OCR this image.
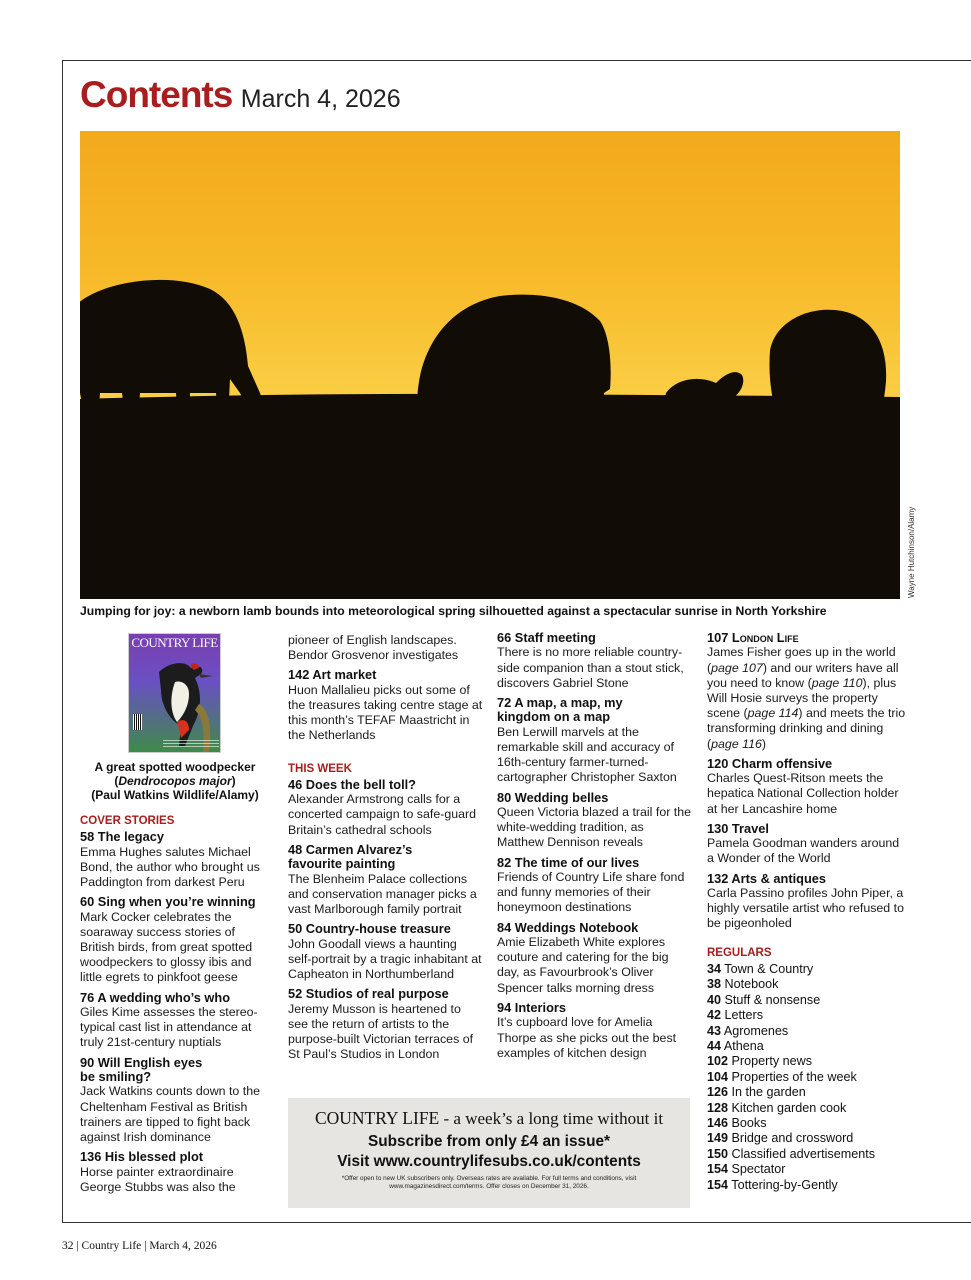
Contents March 4, 2026
Wayne Hutchinson/Alamy
Jumping for joy: a newborn lamb bounds into meteorological spring silhouetted against a spectacular sunrise in North Yorkshire
COUNTRY LIFE
A great spotted woodpecker
(Dendrocopos major)
(Paul Watkins Wildlife/Alamy)
COVER STORIES
58 The legacy
Emma Hughes salutes Michael Bond, the author who brought us Paddington from darkest Peru
60 Sing when you’re winning
Mark Cocker celebrates the soaraway success stories of British birds, from great spotted woodpeckers to glossy ibis and little egrets to pinkfoot geese
76 A wedding who’s who
Giles Kime assesses the stereo-typical cast list in attendance at truly 21st-century nuptials
90 Will English eyes
be smiling?
Jack Watkins counts down to the Cheltenham Festival as British trainers are tipped to fight back against Irish dominance
136 His blessed plot
Horse painter extraordinaire George Stubbs was also the
pioneer of English landscapes. Bendor Grosvenor investigates
142 Art market
Huon Mallalieu picks out some of the treasures taking centre stage at this month’s TEFAF Maastricht in the Netherlands
THIS WEEK
46 Does the bell toll?
Alexander Armstrong calls for a concerted campaign to safe-guard Britain’s cathedral schools
48 Carmen Alvarez’s
favourite painting
The Blenheim Palace collections and conservation manager picks a vast Marlborough family portrait
50 Country-house treasure
John Goodall views a haunting self-portrait by a tragic inhabitant at Capheaton in Northumberland
52 Studios of real purpose
Jeremy Musson is heartened to see the return of artists to the purpose-built Victorian terraces of St Paul’s Studios in London
66 Staff meeting
There is no more reliable country-side companion than a stout stick, discovers Gabriel Stone
72 A map, a map, my
kingdom on a map
Ben Lerwill marvels at the remarkable skill and accuracy of 16th-century farmer-turned-cartographer Christopher Saxton
80 Wedding belles
Queen Victoria blazed a trail for the white-wedding tradition, as Matthew Dennison reveals
82 The time of our lives
Friends of Country Life share fond and funny memories of their honeymoon destinations
84 Weddings Notebook
Amie Elizabeth White explores couture and catering for the big day, as Favourbrook’s Oliver Spencer talks morning dress
94 Interiors
It’s cupboard love for Amelia Thorpe as she picks out the best examples of kitchen design
107 London Life
James Fisher goes up in the world (page 107) and our writers have all you need to know (page 110), plus Will Hosie surveys the property scene (page 114) and meets the trio transforming drinking and dining (page 116)
120 Charm offensive
Charles Quest-Ritson meets the hepatica National Collection holder at her Lancashire home
130 Travel
Pamela Goodman wanders around a Wonder of the World
132 Arts & antiques
Carla Passino profiles John Piper, a highly versatile artist who refused to be pigeonholed
REGULARS
34 Town & Country
38 Notebook
40 Stuff & nonsense
42 Letters
43 Agromenes
44 Athena
102 Property news
104 Properties of the week
126 In the garden
128 Kitchen garden cook
146 Books
149 Bridge and crossword
150 Classified advertisements
154 Spectator
154 Tottering-by-Gently
COUNTRY LIFE - a week’s a long time without it
Subscribe from only £4 an issue*
Visit www.countrylifesubs.co.uk/contents
*Offer open to new UK subscribers only. Overseas rates are available. For full terms and conditions, visit www.magazinesdirect.com/terms. Offer closes on December 31, 2026.
32 | Country Life | March 4, 2026
